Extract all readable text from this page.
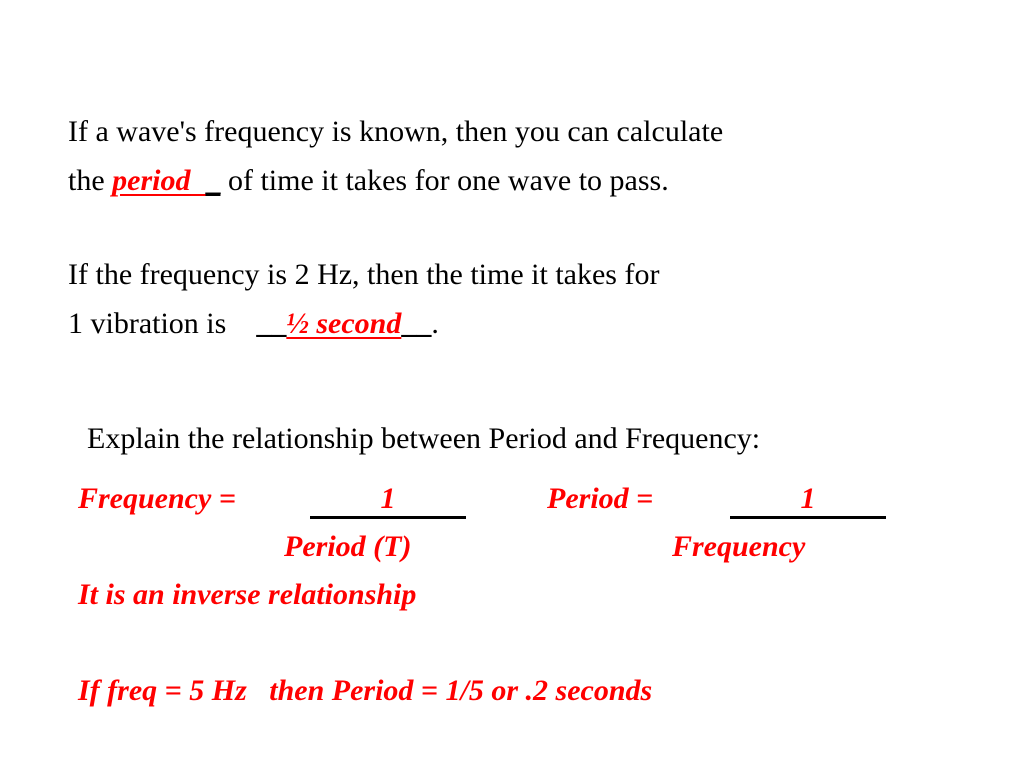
If a wave's frequency is known, then you can calculate
the period _ of time it takes for one wave to pass.
If the frequency is 2 Hz, then the time it takes for
1 vibration is __½ second__.
Explain the relationship between Period and Frequency:
Frequency =	1
Period (T)
Period =	1
Frequency
It is an inverse relationship
If freq = 5 Hz then Period = 1/5 or .2 seconds
